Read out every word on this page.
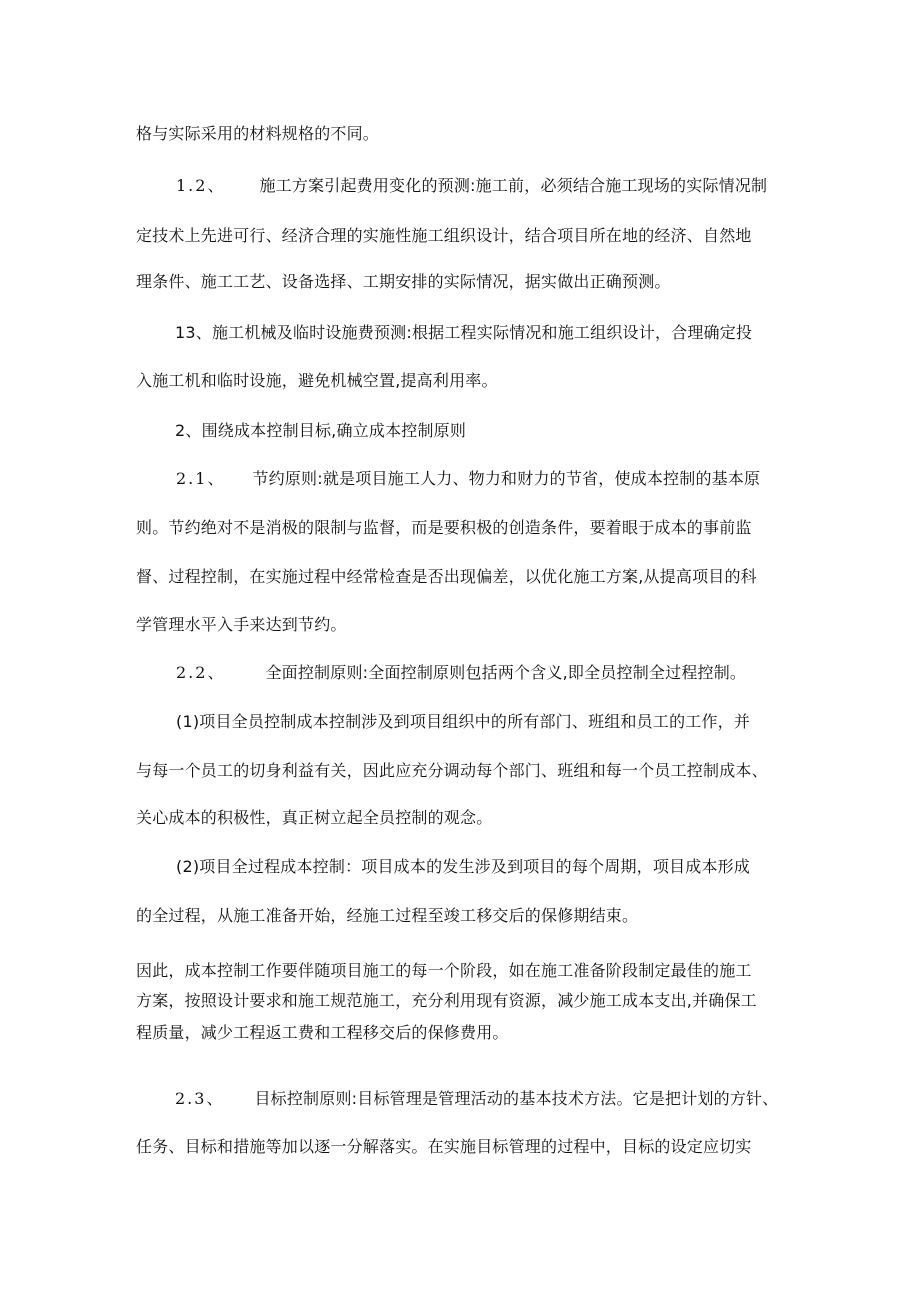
格与实际采用的材料规格的不同。
1.2、 施工方案引起费用变化的预测:施工前，必须结合施工现场的实际情况制
定技术上先进可行、经济合理的实施性施工组织设计，结合项目所在地的经济、自然地
理条件、施工工艺、设备选择、工期安排的实际情况，据实做出正确预测。
13、施工机械及临时设施费预测:根据工程实际情况和施工组织设计，合理确定投
入施工机和临时设施，避免机械空置,提高利用率。
2、围绕成本控制目标,确立成本控制原则
2.1、 节约原则:就是项目施工人力、物力和财力的节省，使成本控制的基本原
则。节约绝对不是消极的限制与监督，而是要积极的创造条件，要着眼于成本的事前监
督、过程控制，在实施过程中经常检查是否出现偏差，以优化施工方案,从提高项目的科
学管理水平入手来达到节约。
2.2、	全面控制原则:全面控制原则包括两个含义,即全员控制全过程控制。
(1)项目全员控制成本控制涉及到项目组织中的所有部门、班组和员工的工作，并
与每一个员工的切身利益有关，因此应充分调动每个部门、班组和每一个员工控制成本、
关心成本的积极性，真正树立起全员控制的观念。
(2)项目全过程成本控制：项目成本的发生涉及到项目的每个周期，项目成本形成
的全过程，从施工准备开始，经施工过程至竣工移交后的保修期结束。
因此，成本控制工作要伴随项目施工的每一个阶段，如在施工准备阶段制定最佳的施工
方案，按照设计要求和施工规范施工，充分利用现有资源，减少施工成本支出,并确保工
程质量，减少工程返工费和工程移交后的保修费用。
2.3、 目标控制原则:目标管理是管理活动的基本技术方法。它是把计划的方针、
任务、目标和措施等加以逐一分解落实。在实施目标管理的过程中，目标的设定应切实
